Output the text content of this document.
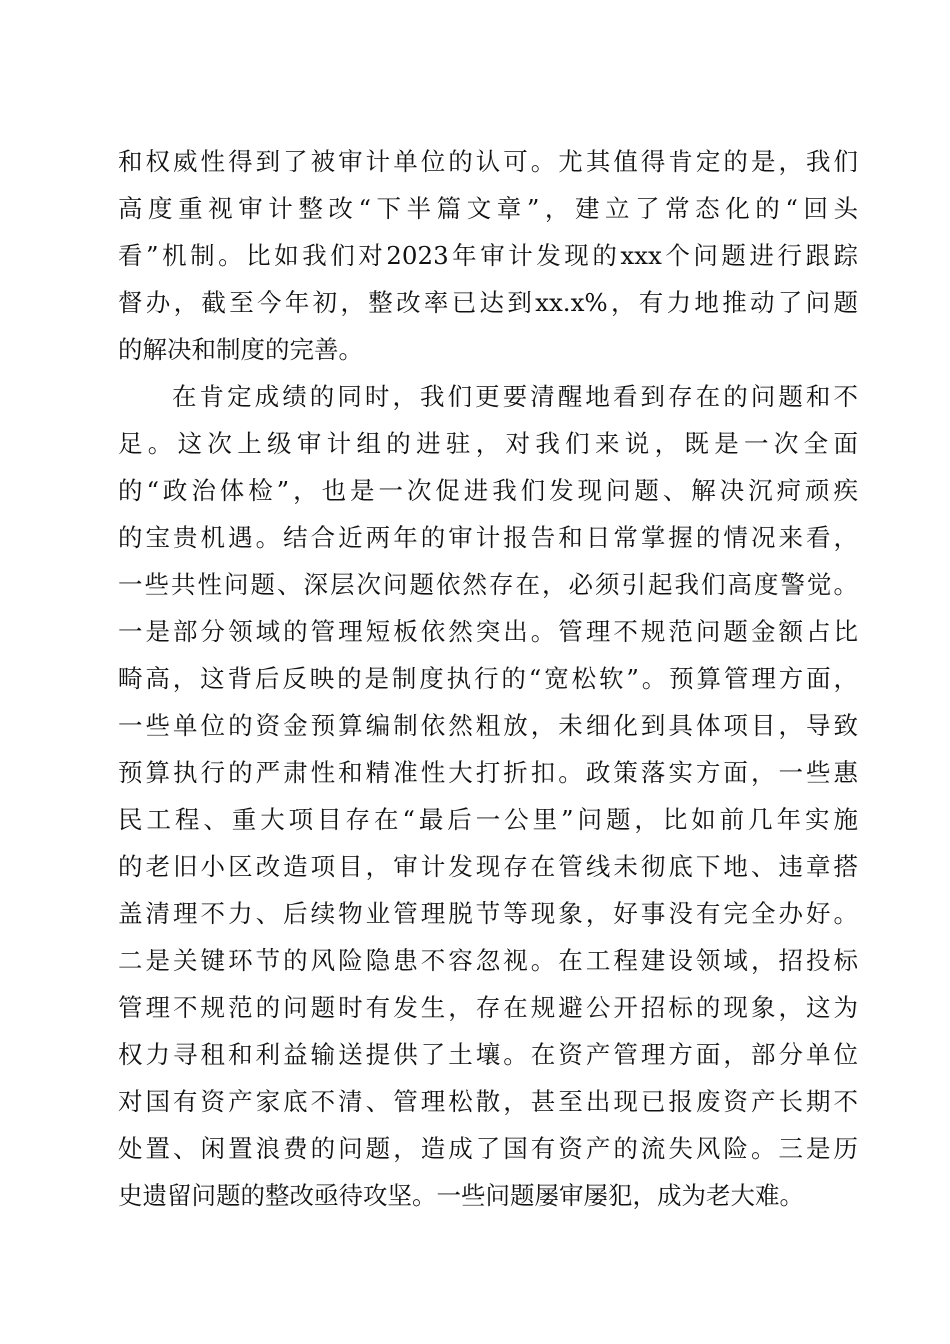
和权威性得到了被审计单位的认可。尤其值得肯定的是，我们
高度重视审计整改“下半篇文章”，建立了常态化的“回头
看”机制。比如我们对2023年审计发现的xxx个问题进行跟踪
督办，截至今年初，整改率已达到xx.x%，有力地推动了问题
的解决和制度的完善。
在肯定成绩的同时，我们更要清醒地看到存在的问题和不
足。这次上级审计组的进驻，对我们来说，既是一次全面
的“政治体检”，也是一次促进我们发现问题、解决沉疴顽疾
的宝贵机遇。结合近两年的审计报告和日常掌握的情况来看，
一些共性问题、深层次问题依然存在，必须引起我们高度警觉。
一是部分领域的管理短板依然突出。管理不规范问题金额占比
畸高，这背后反映的是制度执行的“宽松软”。预算管理方面，
一些单位的资金预算编制依然粗放，未细化到具体项目，导致
预算执行的严肃性和精准性大打折扣。政策落实方面，一些惠
民工程、重大项目存在“最后一公里”问题，比如前几年实施
的老旧小区改造项目，审计发现存在管线未彻底下地、违章搭
盖清理不力、后续物业管理脱节等现象，好事没有完全办好。
二是关键环节的风险隐患不容忽视。在工程建设领域，招投标
管理不规范的问题时有发生，存在规避公开招标的现象，这为
权力寻租和利益输送提供了土壤。在资产管理方面，部分单位
对国有资产家底不清、管理松散，甚至出现已报废资产长期不
处置、闲置浪费的问题，造成了国有资产的流失风险。三是历
史遗留问题的整改亟待攻坚。一些问题屡审屡犯，成为老大难。
